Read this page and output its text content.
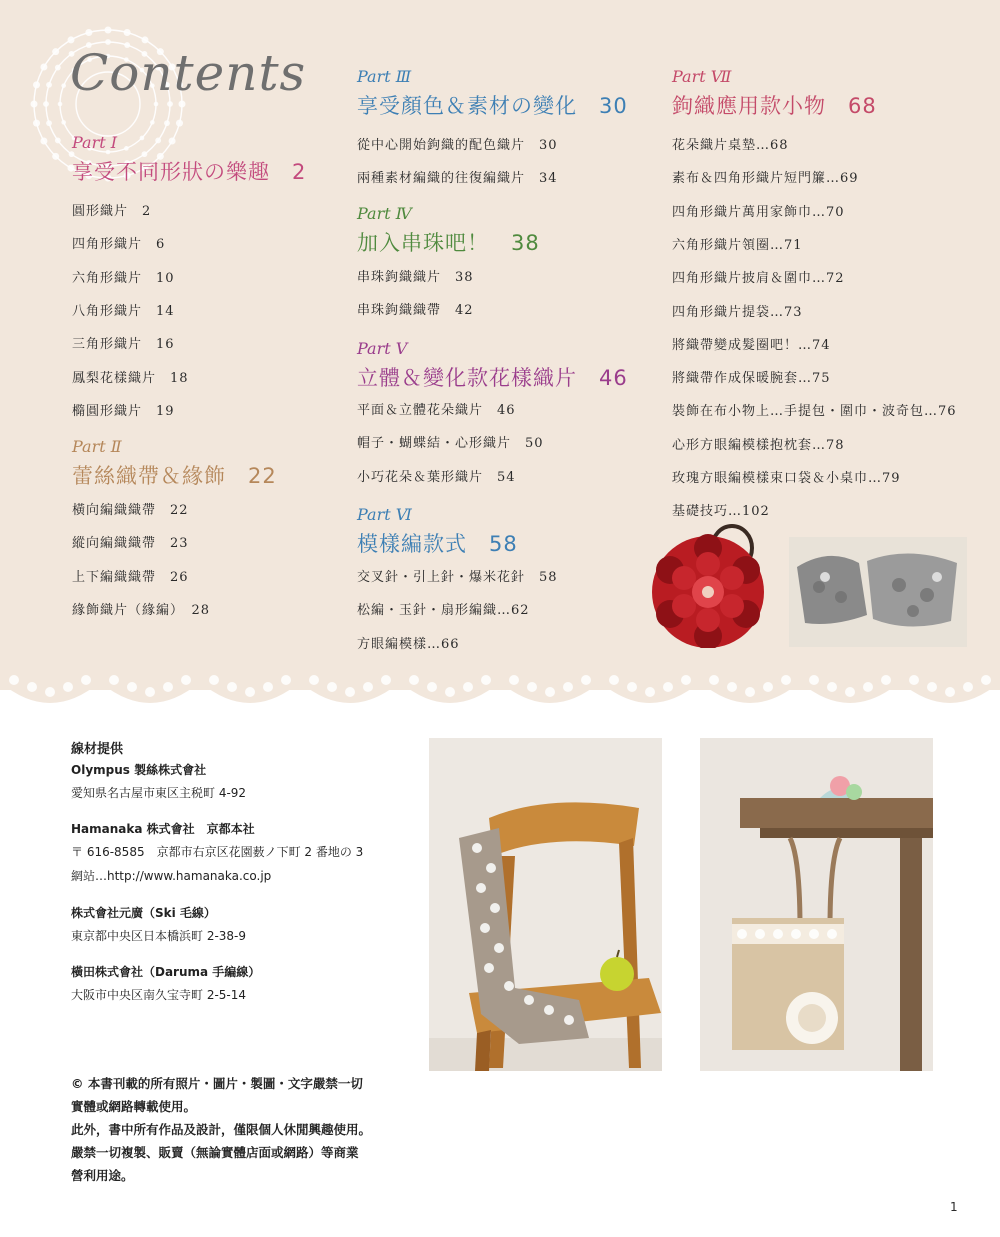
Contents
Part Ⅰ
享受不同形狀の樂趣　 2
Part Ⅱ
蕾絲織帶＆緣飾　 22
Part Ⅲ
享受顏色＆素材の變化　 30
Part Ⅳ
加入串珠吧！　 38
Part Ⅴ
立體＆變化款花樣織片　 46
Part Ⅵ
模樣編款式　 58
Part Ⅶ
鉤織應用款小物　 68
圓形織片　 2
四角形織片　 6
六角形織片　 10
八角形織片　 14
三角形織片　 16
鳳梨花樣織片　 18
橢圓形織片　 19
橫向編織織帶　 22
縱向編織織帶　 23
上下編織織帶　 26
緣飾織片（緣編）　 28
從中心開始鉤織的配色織片　 30
兩種素材編織的往復編織片　 34
串珠鉤織織片　 38
串珠鉤織織帶　 42
平面＆立體花朵織片　 46
帽子・蝴蝶結・心形織片　 50
小巧花朵＆葉形織片　 54
交叉針・引上針・爆米花針　 58
松編・玉針・扇形編織…62
方眼編模樣…66
花朵織片桌墊…68
素布＆四角形織片短門簾…69
四角形織片萬用家飾巾…70
六角形織片領圈…71
四角形織片披肩＆圍巾…72
四角形織片提袋…73
將織帶變成髮圈吧！…74
將織帶作成保暖腕套…75
裝飾在布小物上…手提包・圍巾・波奇包…76
心形方眼編模樣抱枕套…78
玫瑰方眼編模樣束口袋＆小桌巾…79
基礎技巧…102
線材提供
Olympus 製絲株式會社
愛知県名古屋市東区主税町 4-92
Hamanaka 株式會社　京都本社
〒 616-8585　京都市右京区花園薮ノ下町 2 番地の 3
網站…http://www.hamanaka.co.jp
株式會社元廣（Ski 毛線）
東京都中央区日本橋浜町 2-38-9
橫田株式會社（Daruma 手編線）
大阪市中央区南久宝寺町 2-5-14
© 本書刊載的所有照片・圖片・製圖・文字嚴禁一切
實體或網路轉載使用。
此外，書中所有作品及設計，僅限個人休閒興趣使用。
嚴禁一切複製、販賣（無論實體店面或網路）等商業
營利用途。
1
